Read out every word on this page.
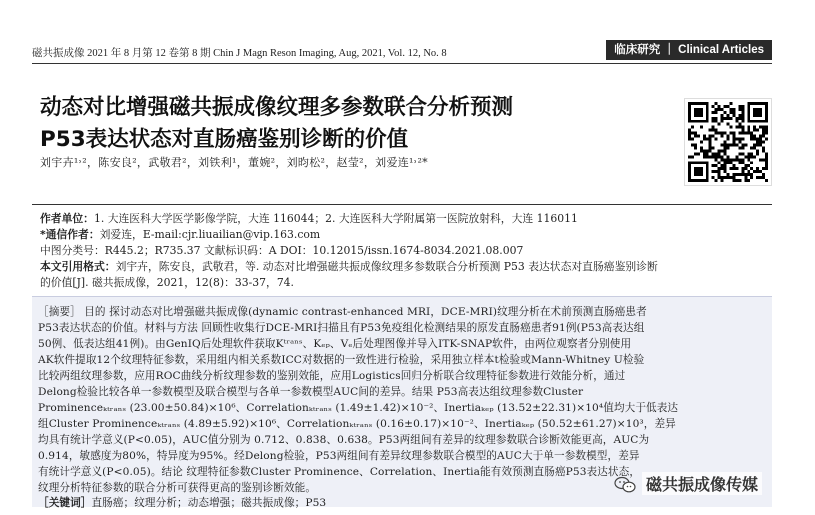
磁共振成像 2021 年 8 月第 12 卷第 8 期 Chin J Magn Reson Imaging, Aug, 2021, Vol. 12, No. 8	临床研究 ｜ Clinical Articles
动态对比增强磁共振成像纹理多参数联合分析预测
P53表达状态对直肠癌鉴别诊断的价值
刘宇卉¹˒²，陈安良²，武敬君²，刘铁利¹，董婉²，刘昀松²，赵莹²，刘爱连¹˒²*
作者单位：1. 大连医科大学医学影像学院，大连 116044；2. 大连医科大学附属第一医院放射科，大连 116011
*通信作者：刘爱连，E-mail:cjr.liuailian@vip.163.com
中图分类号：R445.2；R735.37 文献标识码：A DOI：10.12015/issn.1674-8034.2021.08.007
本文引用格式：刘宇卉，陈安良，武敬君，等. 动态对比增强磁共振成像纹理多参数联合分析预测 P53 表达状态对直肠癌鉴别诊断
的价值[J]. 磁共振成像，2021，12(8)：33-37，74.
［摘要］ 目的 探讨动态对比增强磁共振成像(dynamic contrast-enhanced MRI，DCE-MRI)纹理分析在术前预测直肠癌患者
P53表达状态的价值。材料与方法 回顾性收集行DCE-MRI扫描且有P53免疫组化检测结果的原发直肠癌患者91例(P53高表达组
50例、低表达组41例)。由GenIQ后处理软件获取Kᵗʳᵃⁿˢ、Kₑₚ、Vₑ后处理图像并导入ITK-SNAP软件，由两位观察者分别使用
AK软件提取12个纹理特征参数，采用组内相关系数ICC对数据的一致性进行检验，采用独立样本t检验或Mann-Whitney U检验
比较两组纹理参数，应用ROC曲线分析纹理参数的鉴别效能，应用Logistics回归分析联合纹理特征参数进行效能分析，通过
Delong检验比较各单一参数模型及联合模型与各单一参数模型AUC间的差异。结果 P53高表达组纹理参数Cluster
Prominenceₖₜᵣₐₙₛ (23.00±50.84)×10⁶、Correlationₖₜᵣₐₙₛ (1.49±1.42)×10⁻²、Inertiaₖₑₚ (13.52±22.31)×10⁴值均大于低表达
组Cluster Prominenceₖₜᵣₐₙₛ (4.89±5.92)×10⁶、Correlationₖₜᵣₐₙₛ (0.16±0.17)×10⁻²、Inertiaₖₑₚ (50.52±61.27)×10³，差异
均具有统计学意义(P<0.05)，AUC值分别为 0.712、0.838、0.638。P53两组间有差异的纹理参数联合诊断效能更高，AUC为
0.914，敏感度为80%，特异度为95%。经Delong检验，P53两组间有差异纹理参数联合模型的AUC大于单一参数模型，差异
有统计学意义(P<0.05)。结论 纹理特征参数Cluster Prominence、Correlation、Inertia能有效预测直肠癌P53表达状态，
纹理分析特征参数的联合分析可获得更高的鉴别诊断效能。
［关键词］直肠癌；纹理分析；动态增强；磁共振成像；P53
磁共振成像传媒
